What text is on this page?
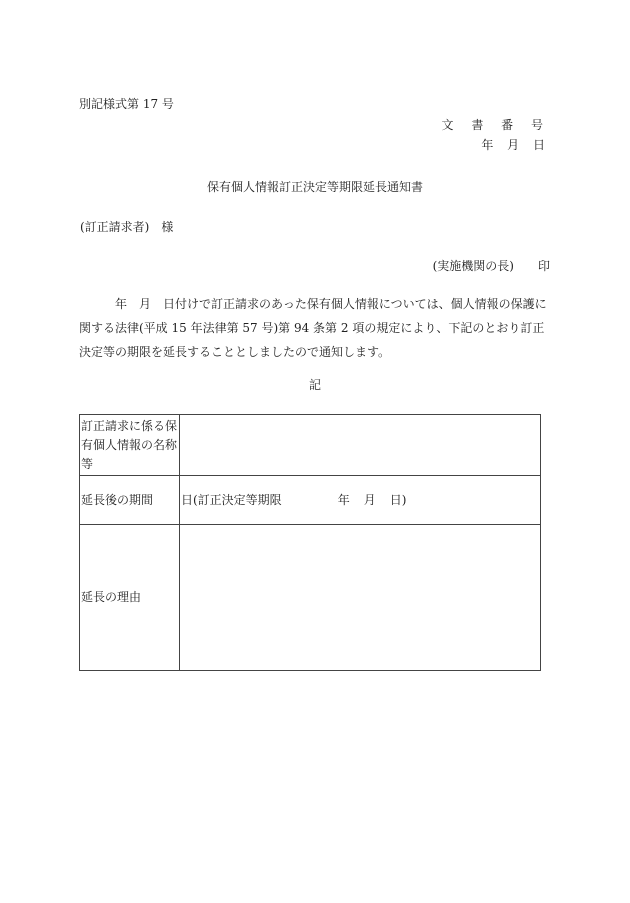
別記様式第 17 号
文 書 番 号
年 月 日
保有個人情報訂正決定等期限延長通知書
(訂正請求者)　様
(実施機関の長)　　印

　　　年　月　日付けで訂正請求のあった保有個人情報については、個人情報の保護に関する法律(平成 15 年法律第 57 号)第 94 条第 2 項の規定により、下記のとおり訂正決定等の期限を延長することとしましたので通知します。

記
訂正請求に係る保有個人情報の名称等	
延長後の期間	日(訂正決定等期限 年 月 日)
延長の理由	
